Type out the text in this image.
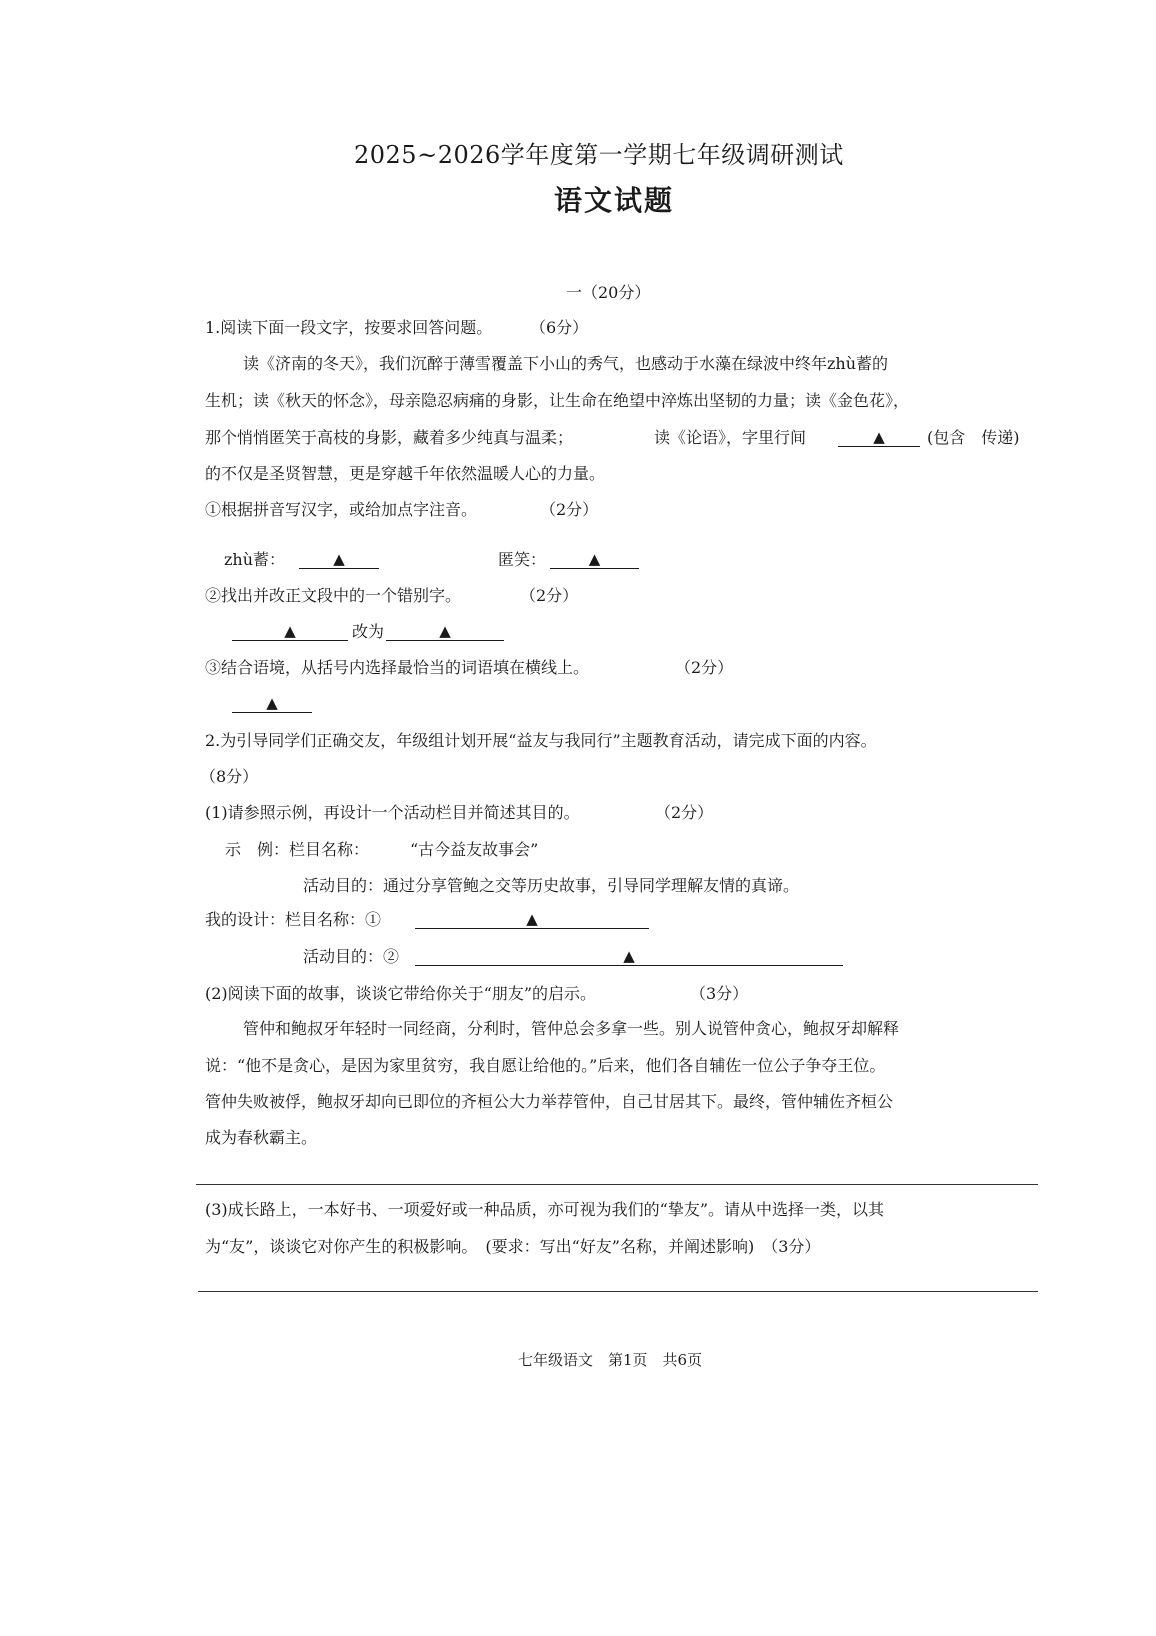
2025~2026学年度第一学期七年级调研测试
语文试题
一（20分）
1.阅读下面一段文字，按要求回答问题。 （6分）
读《济南的冬天》，我们沉醉于薄雪覆盖下小山的秀气，也感动于水藻在绿波中终年zhù蓄的
生机；读《秋天的怀念》，母亲隐忍病痛的身影，让生命在绝望中淬炼出坚韧的力量；读《金色花》，
那个悄悄匿笑于高枝的身影，藏着多少纯真与温柔；	读《论语》，字里行间	▲	(包含　传递)
的不仅是圣贤智慧，更是穿越千年依然温暖人心的力量。
①根据拼音写汉字，或给加点字注音。	（2分）
zhù蓄：	▲	匿笑：	▲
②找出并改正文段中的一个错别字。	（2分）
▲	改为	▲
③结合语境，从括号内选择最恰当的词语填在横线上。	（2分）
▲
2.为引导同学们正确交友，年级组计划开展“益友与我同行”主题教育活动，请完成下面的内容。
（8分）
(1)请参照示例，再设计一个活动栏目并简述其目的。	（2分）
示　例：栏目名称：	“古今益友故事会”
活动目的：通过分享管鲍之交等历史故事，引导同学理解友情的真谛。
我的设计：栏目名称：①	▲
活动目的：②	▲
(2)阅读下面的故事，谈谈它带给你关于“朋友”的启示。	（3分）
管仲和鲍叔牙年轻时一同经商，分利时，管仲总会多拿一些。别人说管仲贪心，鲍叔牙却解释
说：“他不是贪心，是因为家里贫穷，我自愿让给他的。”后来，他们各自辅佐一位公子争夺王位。
管仲失败被俘，鲍叔牙却向已即位的齐桓公大力举荐管仲，自己甘居其下。最终，管仲辅佐齐桓公
成为春秋霸主。
(3)成长路上，一本好书、一项爱好或一种品质，亦可视为我们的“挚友”。请从中选择一类，以其
为“友”，谈谈它对你产生的积极影响。　(要求：写出“好友”名称，并阐述影响)　（3分）
七年级语文　第1页　共6页
